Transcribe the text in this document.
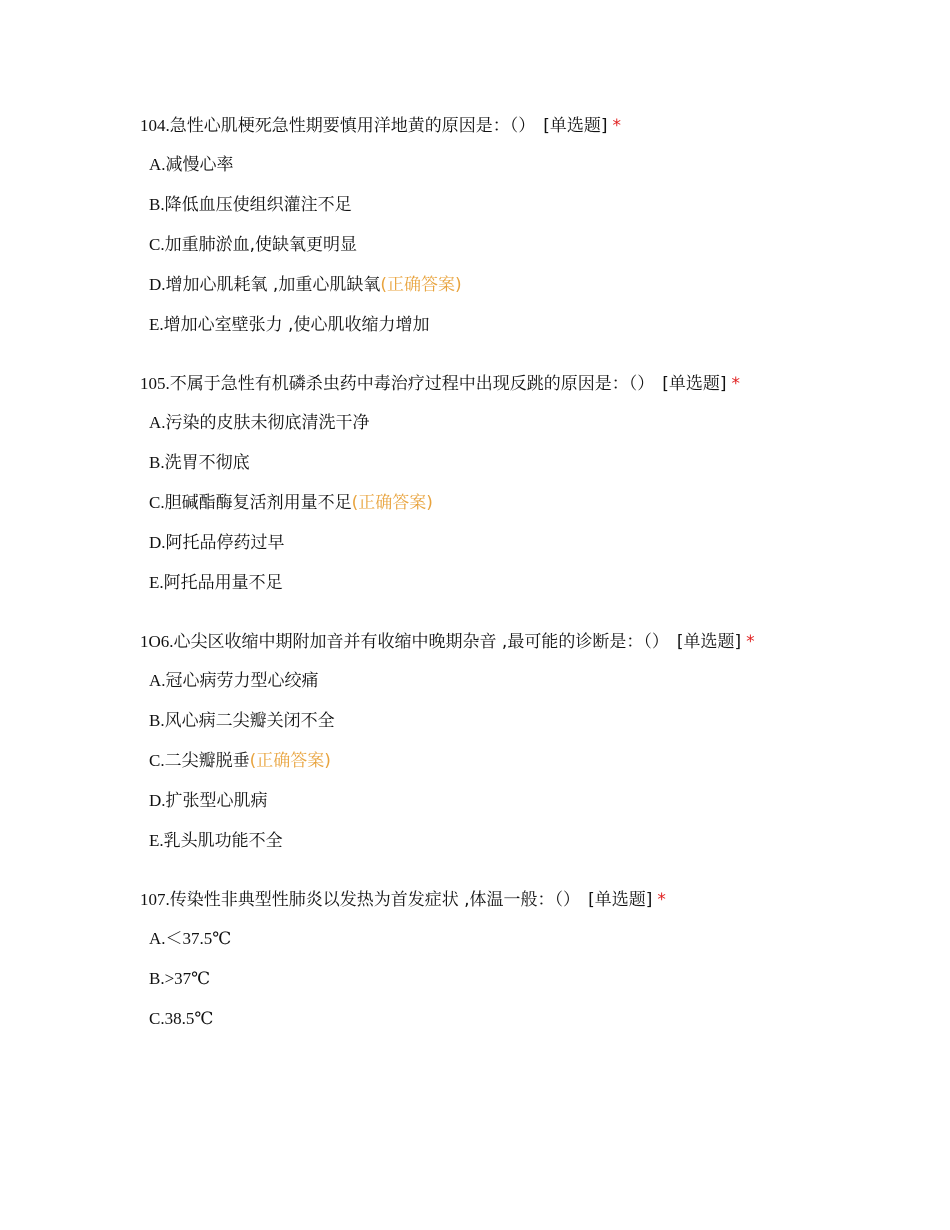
104.急性心肌梗死急性期要慎用洋地黄的原因是：（） [单选题] *
A.减慢心率
B.降低血压使组织灌注不足
C.加重肺淤血,使缺氧更明显
D.增加心肌耗氧 ,加重心肌缺氧(正确答案)
E.增加心室壁张力 ,使心肌收缩力增加
105.不属于急性有机磷杀虫药中毒治疗过程中出现反跳的原因是：（） [单选题] *
A.污染的皮肤未彻底清洗干净
B.洗胃不彻底
C.胆碱酯酶复活剂用量不足(正确答案)
D.阿托品停药过早
E.阿托品用量不足
1O6.心尖区收缩中期附加音并有收缩中晚期杂音 ,最可能的诊断是：（） [单选题] *
A.冠心病劳力型心绞痛
B.风心病二尖瓣关闭不全
C.二尖瓣脱垂(正确答案)
D.扩张型心肌病
E.乳头肌功能不全
107.传染性非典型性肺炎以发热为首发症状 ,体温一般：（） [单选题] *
A.＜37.5℃
B.>37℃
C.38.5℃
